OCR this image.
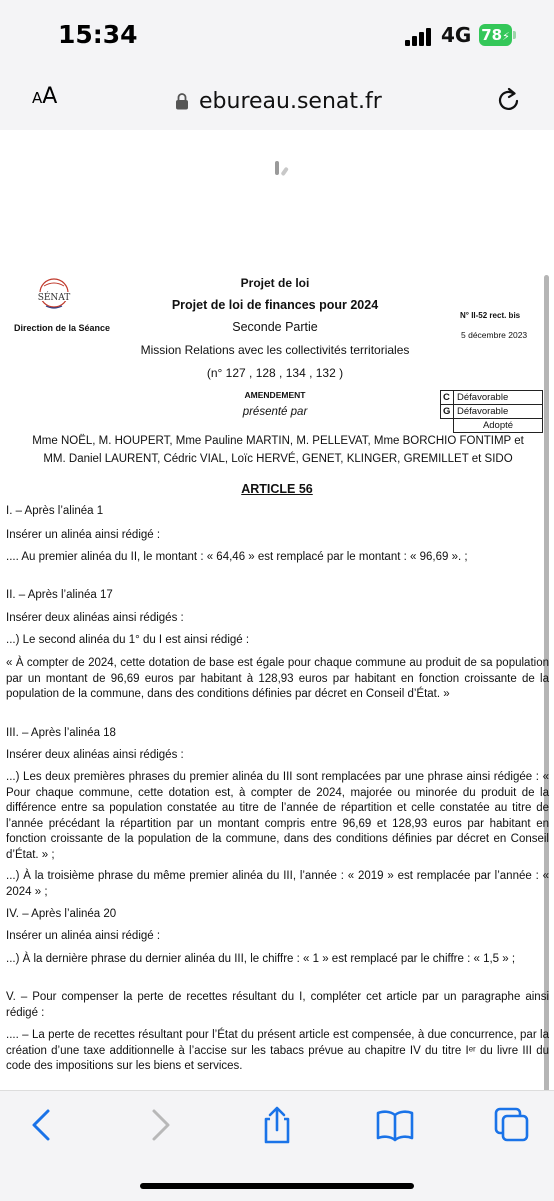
15:34	4G 78⚡
AA	ebureau.senat.fr
SÉNAT
Direction de la Séance
Projet de loi
Projet de loi de finances pour 2024
Seconde Partie
Mission Relations avec les collectivités territoriales
(n° 127 , 128 , 134 , 132 )
N° II-52 rect. bis
5 décembre 2023
AMENDEMENT
présenté par
C	Défavorable
G	Défavorable
	Adopté
Mme NOËL, M. HOUPERT, Mme Pauline MARTIN, M. PELLEVAT, Mme BORCHIO FONTIMP et
MM. Daniel LAURENT, Cédric VIAL, Loïc HERVÉ, GENET, KLINGER, GREMILLET et SIDO
ARTICLE 56
I. – Après l’alinéa 1
Insérer un alinéa ainsi rédigé :
.... Au premier alinéa du II, le montant : « 64,46 » est remplacé par le montant : « 96,69 ». ;
II. – Après l’alinéa 17
Insérer deux alinéas ainsi rédigés :
...) Le second alinéa du 1° du I est ainsi rédigé :
« À compter de 2024, cette dotation de base est égale pour chaque commune au produit de sa population par un montant de 96,69 euros par habitant à 128,93 euros par habitant en fonction croissante de la population de la commune, dans des conditions définies par décret en Conseil d’État. »
III. – Après l’alinéa 18
Insérer deux alinéas ainsi rédigés :
...) Les deux premières phrases du premier alinéa du III sont remplacées par une phrase ainsi rédigée : « Pour chaque commune, cette dotation est, à compter de 2024, majorée ou minorée du produit de la différence entre sa population constatée au titre de l’année de répartition et celle constatée au titre de l’année précédant la répartition par un montant compris entre 96,69 et 128,93 euros par habitant en fonction croissante de la population de la commune, dans des conditions définies par décret en Conseil d’État. » ;
...) À la troisième phrase du même premier alinéa du III, l’année : « 2019 » est remplacée par l’année : « 2024 » ;
IV. – Après l’alinéa 20
Insérer un alinéa ainsi rédigé :
...) À la dernière phrase du dernier alinéa du III, le chiffre : « 1 » est remplacé par le chiffre : « 1,5 » ;
V. – Pour compenser la perte de recettes résultant du I, compléter cet article par un paragraphe ainsi rédigé :
.... – La perte de recettes résultant pour l’État du présent article est compensée, à due concurrence, par la création d’une taxe additionnelle à l’accise sur les tabacs prévue au chapitre IV du titre Iᵉʳ du livre III du code des impositions sur les biens et services.
